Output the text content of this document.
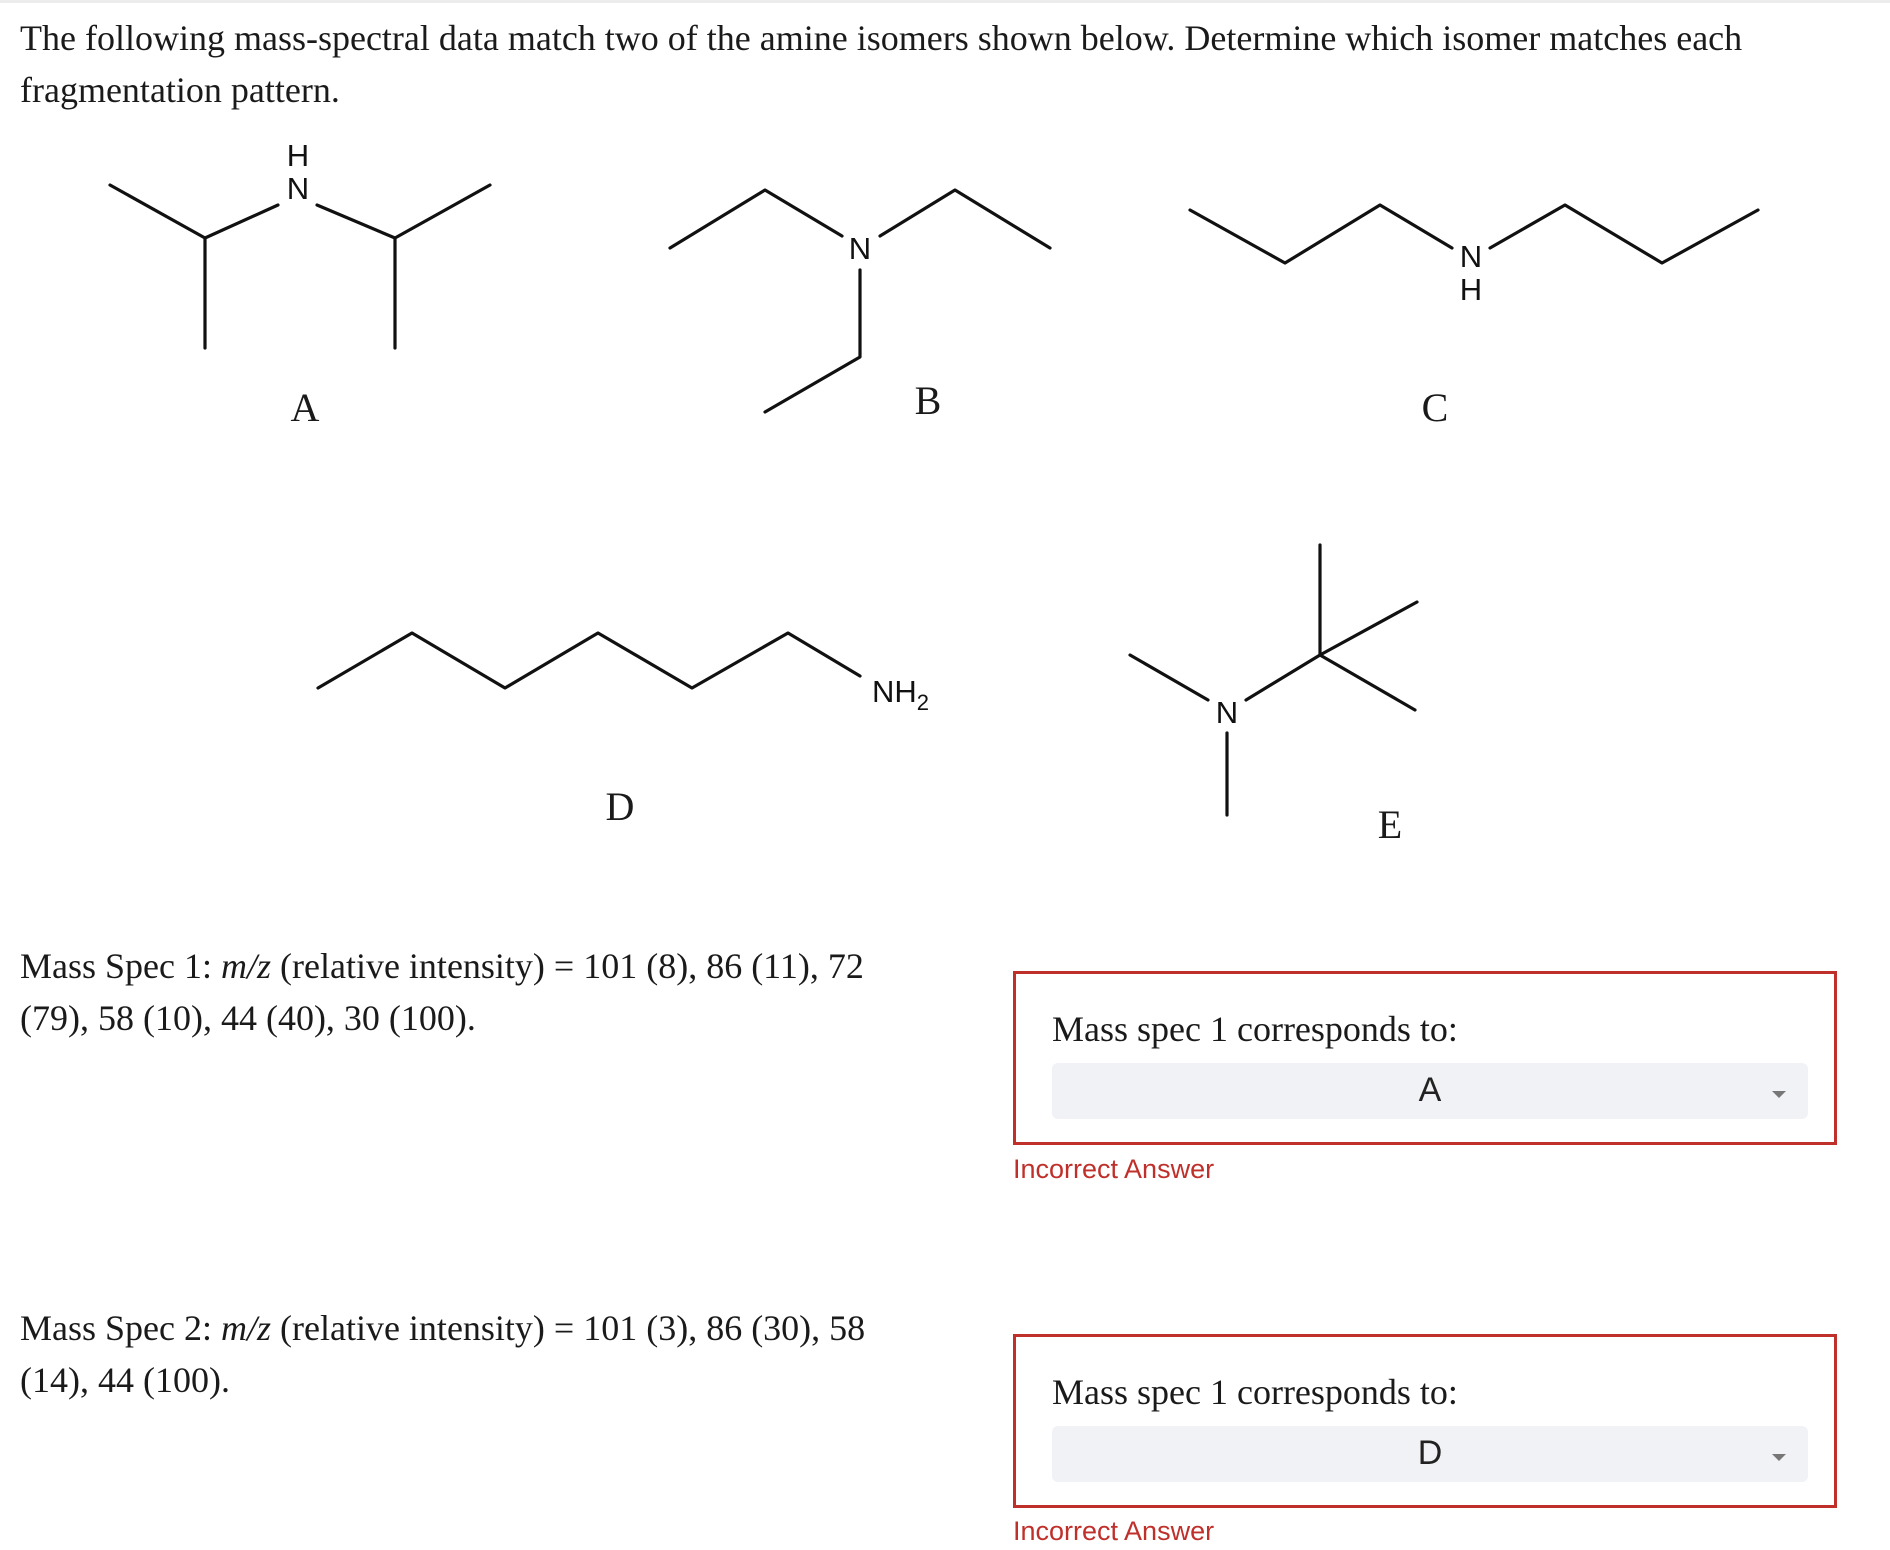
The following mass-spectral data match two of the amine isomers shown below. Determine which isomer matches each fragmentation pattern.

N
H
A
N
B
N
H
C
$NH_2$
D
N
E

Mass Spec 1: m/z (relative intensity) = 101 (8), 86 (11), 72 (79), 58 (10), 44 (40), 30 (100).

Mass Spec 2: m/z (relative intensity) = 101 (3), 86 (30), 58 (14), 44 (100).

Mass spec 1 corresponds to:

A
Incorrect Answer

Mass spec 1 corresponds to:

D
Incorrect Answer
